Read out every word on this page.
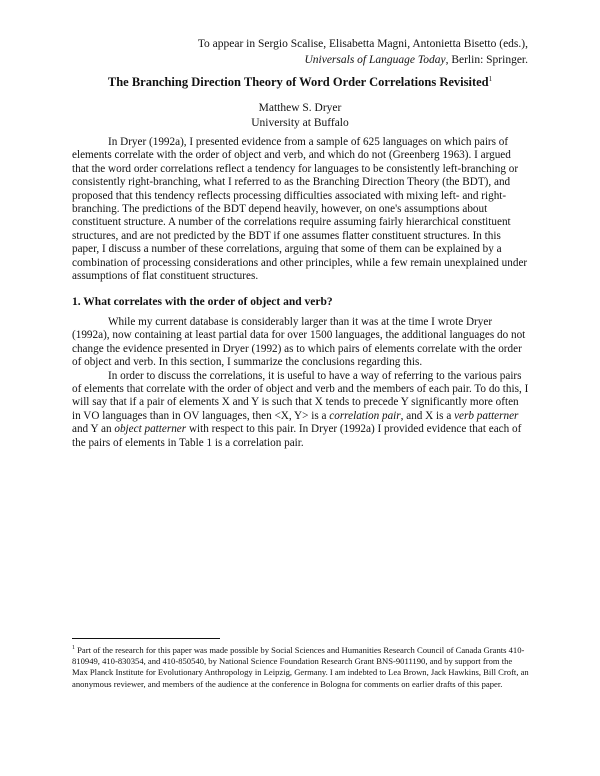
To appear in Sergio Scalise, Elisabetta Magni, Antonietta Bisetto (eds.),
Universals of Language Today, Berlin: Springer.
The Branching Direction Theory of Word Order Correlations Revisited$^1$
Matthew S. Dryer
University at Buffalo

In Dryer (1992a), I presented evidence from a sample of 625 languages on which pairs of elements correlate with the order of object and verb, and which do not (Greenberg 1963). I argued that the word order correlations reflect a tendency for languages to be consistently left-branching or consistently right-branching, what I referred to as the Branching Direction Theory (the BDT), and proposed that this tendency reflects processing difficulties associated with mixing left- and right-branching. The predictions of the BDT depend heavily, however, on one's assumptions about constituent structure. A number of the correlations require assuming fairly hierarchical constituent structures, and are not predicted by the BDT if one assumes flatter constituent structures. In this paper, I discuss a number of these correlations, arguing that some of them can be explained by a combination of processing considerations and other principles, while a few remain unexplained under assumptions of flat constituent structures.

1. What correlates with the order of object and verb?

While my current database is considerably larger than it was at the time I wrote Dryer (1992a), now containing at least partial data for over 1500 languages, the additional languages do not change the evidence presented in Dryer (1992) as to which pairs of elements correlate with the order of object and verb. In this section, I summarize the conclusions regarding this.

In order to discuss the correlations, it is useful to have a way of referring to the various pairs of elements that correlate with the order of object and verb and the members of each pair. To do this, I will say that if a pair of elements X and Y is such that X tends to precede Y significantly more often in VO languages than in OV languages, then <X, Y> is a correlation pair, and X is a verb patterner and Y an object patterner with respect to this pair. In Dryer (1992a) I provided evidence that each of the pairs of elements in Table 1 is a correlation pair.

$^1$ Part of the research for this paper was made possible by Social Sciences and Humanities Research Council of Canada Grants 410-810949, 410-830354, and 410-850540, by National Science Foundation Research Grant BNS-9011190, and by support from the Max Planck Institute for Evolutionary Anthropology in Leipzig, Germany. I am indebted to Lea Brown, Jack Hawkins, Bill Croft, an anonymous reviewer, and members of the audience at the conference in Bologna for comments on earlier drafts of this paper.
